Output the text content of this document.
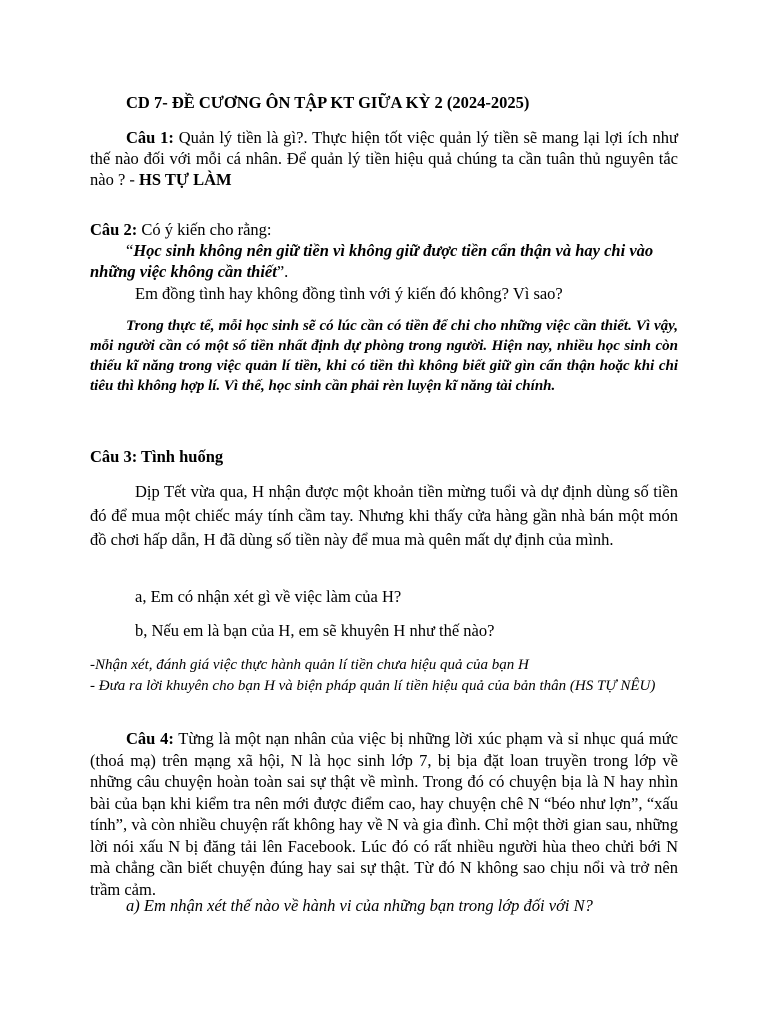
CD 7- ĐỀ CƯƠNG ÔN TẬP KT GIỮA KỲ 2 (2024-2025)
Câu 1: Quản lý tiền là gì?. Thực hiện tốt việc quản lý tiền sẽ mang lại lợi ích như thế nào đối với mỗi cá nhân. Để quản lý tiền hiệu quả chúng ta cần tuân thủ nguyên tắc nào ? - HS TỰ LÀM
Câu 2: Có ý kiến cho rằng:
“Học sinh không nên giữ tiền vì không giữ được tiền cẩn thận và hay chi vào những việc không cần thiết”.
Em đồng tình hay không đồng tình với ý kiến đó không? Vì sao?
Trong thực tế, mỗi học sinh sẽ có lúc cần có tiền để chi cho những việc cần thiết. Vì vậy, mỗi người cần có một số tiền nhất định dự phòng trong người. Hiện nay, nhiều học sinh còn thiếu kĩ năng trong việc quản lí tiền, khi có tiền thì không biết giữ gìn cẩn thận hoặc khi chi tiêu thì không hợp lí. Vì thế, học sinh cần phải rèn luyện kĩ năng tài chính.
Câu 3: Tình huống
Dịp Tết vừa qua, H nhận được một khoản tiền mừng tuổi và dự định dùng số tiền đó để mua một chiếc máy tính cầm tay. Nhưng khi thấy cửa hàng gần nhà bán một món đồ chơi hấp dẫn, H đã dùng số tiền này để mua mà quên mất dự định của mình.
a, Em có nhận xét gì về việc làm của H?
b, Nếu em là bạn của H, em sẽ khuyên H như thế nào?

-Nhận xét, đánh giá việc thực hành quản lí tiền chưa hiệu quả của bạn H

- Đưa ra lời khuyên cho bạn H và biện pháp quản lí tiền hiệu quả của bản thân (HS TỰ NÊU)

Câu 4: Từng là một nạn nhân của việc bị những lời xúc phạm và sỉ nhục quá mức (thoá mạ) trên mạng xã hội, N là học sinh lớp 7, bị bịa đặt loan truyền trong lớp về những câu chuyện hoàn toàn sai sự thật về mình. Trong đó có chuyện bịa là N hay nhìn bài của bạn khi kiểm tra nên mới được điểm cao, hay chuyện chê N “béo như lợn”, “xấu tính”, và còn nhiều chuyện rất không hay về N và gia đình. Chỉ một thời gian sau, những lời nói xấu N bị đăng tải lên Facebook. Lúc đó có rất nhiều người hùa theo chửi bới N mà chẳng cần biết chuyện đúng hay sai sự thật. Từ đó N không sao chịu nổi và trở nên trầm cảm.
a) Em nhận xét thế nào về hành vi của những bạn trong lớp đối với N?
